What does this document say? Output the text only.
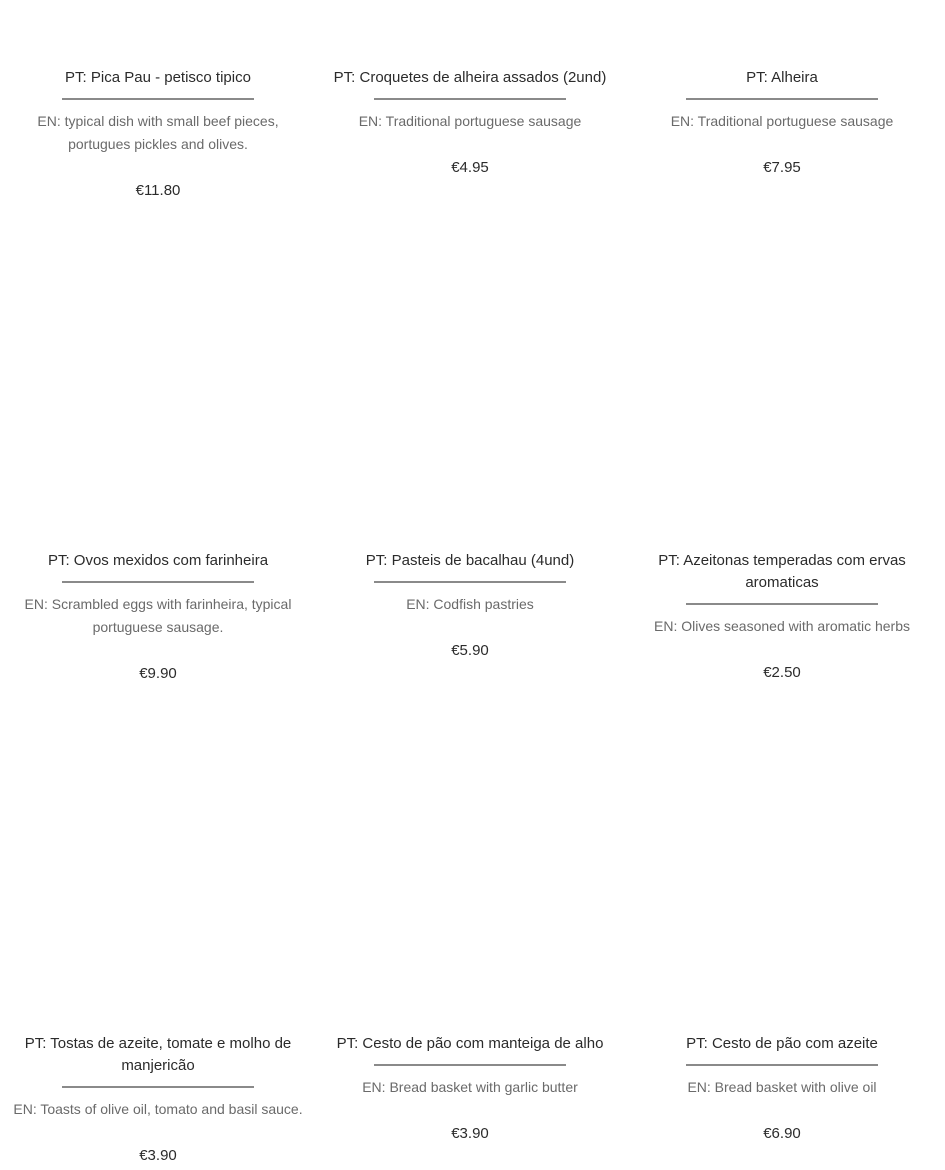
PT: Pica Pau - petisco tipico
EN: typical dish with small beef pieces, portugues pickles and olives.
€11.80
PT: Croquetes de alheira assados (2und)
EN: Traditional portuguese sausage
€4.95
PT: Alheira
EN: Traditional portuguese sausage
€7.95
PT: Ovos mexidos com farinheira
EN: Scrambled eggs with farinheira, typical portuguese sausage.
€9.90
PT: Pasteis de bacalhau (4und)
EN: Codfish pastries
€5.90
PT: Azeitonas temperadas com ervas aromaticas
EN: Olives seasoned with aromatic herbs
€2.50
PT: Tostas de azeite, tomate e molho de manjericão
EN: Toasts of olive oil, tomato and basil sauce.
€3.90
PT: Cesto de pão com manteiga de alho
EN: Bread basket with garlic butter
€3.90
PT: Cesto de pão com azeite
EN: Bread basket with olive oil
€6.90
